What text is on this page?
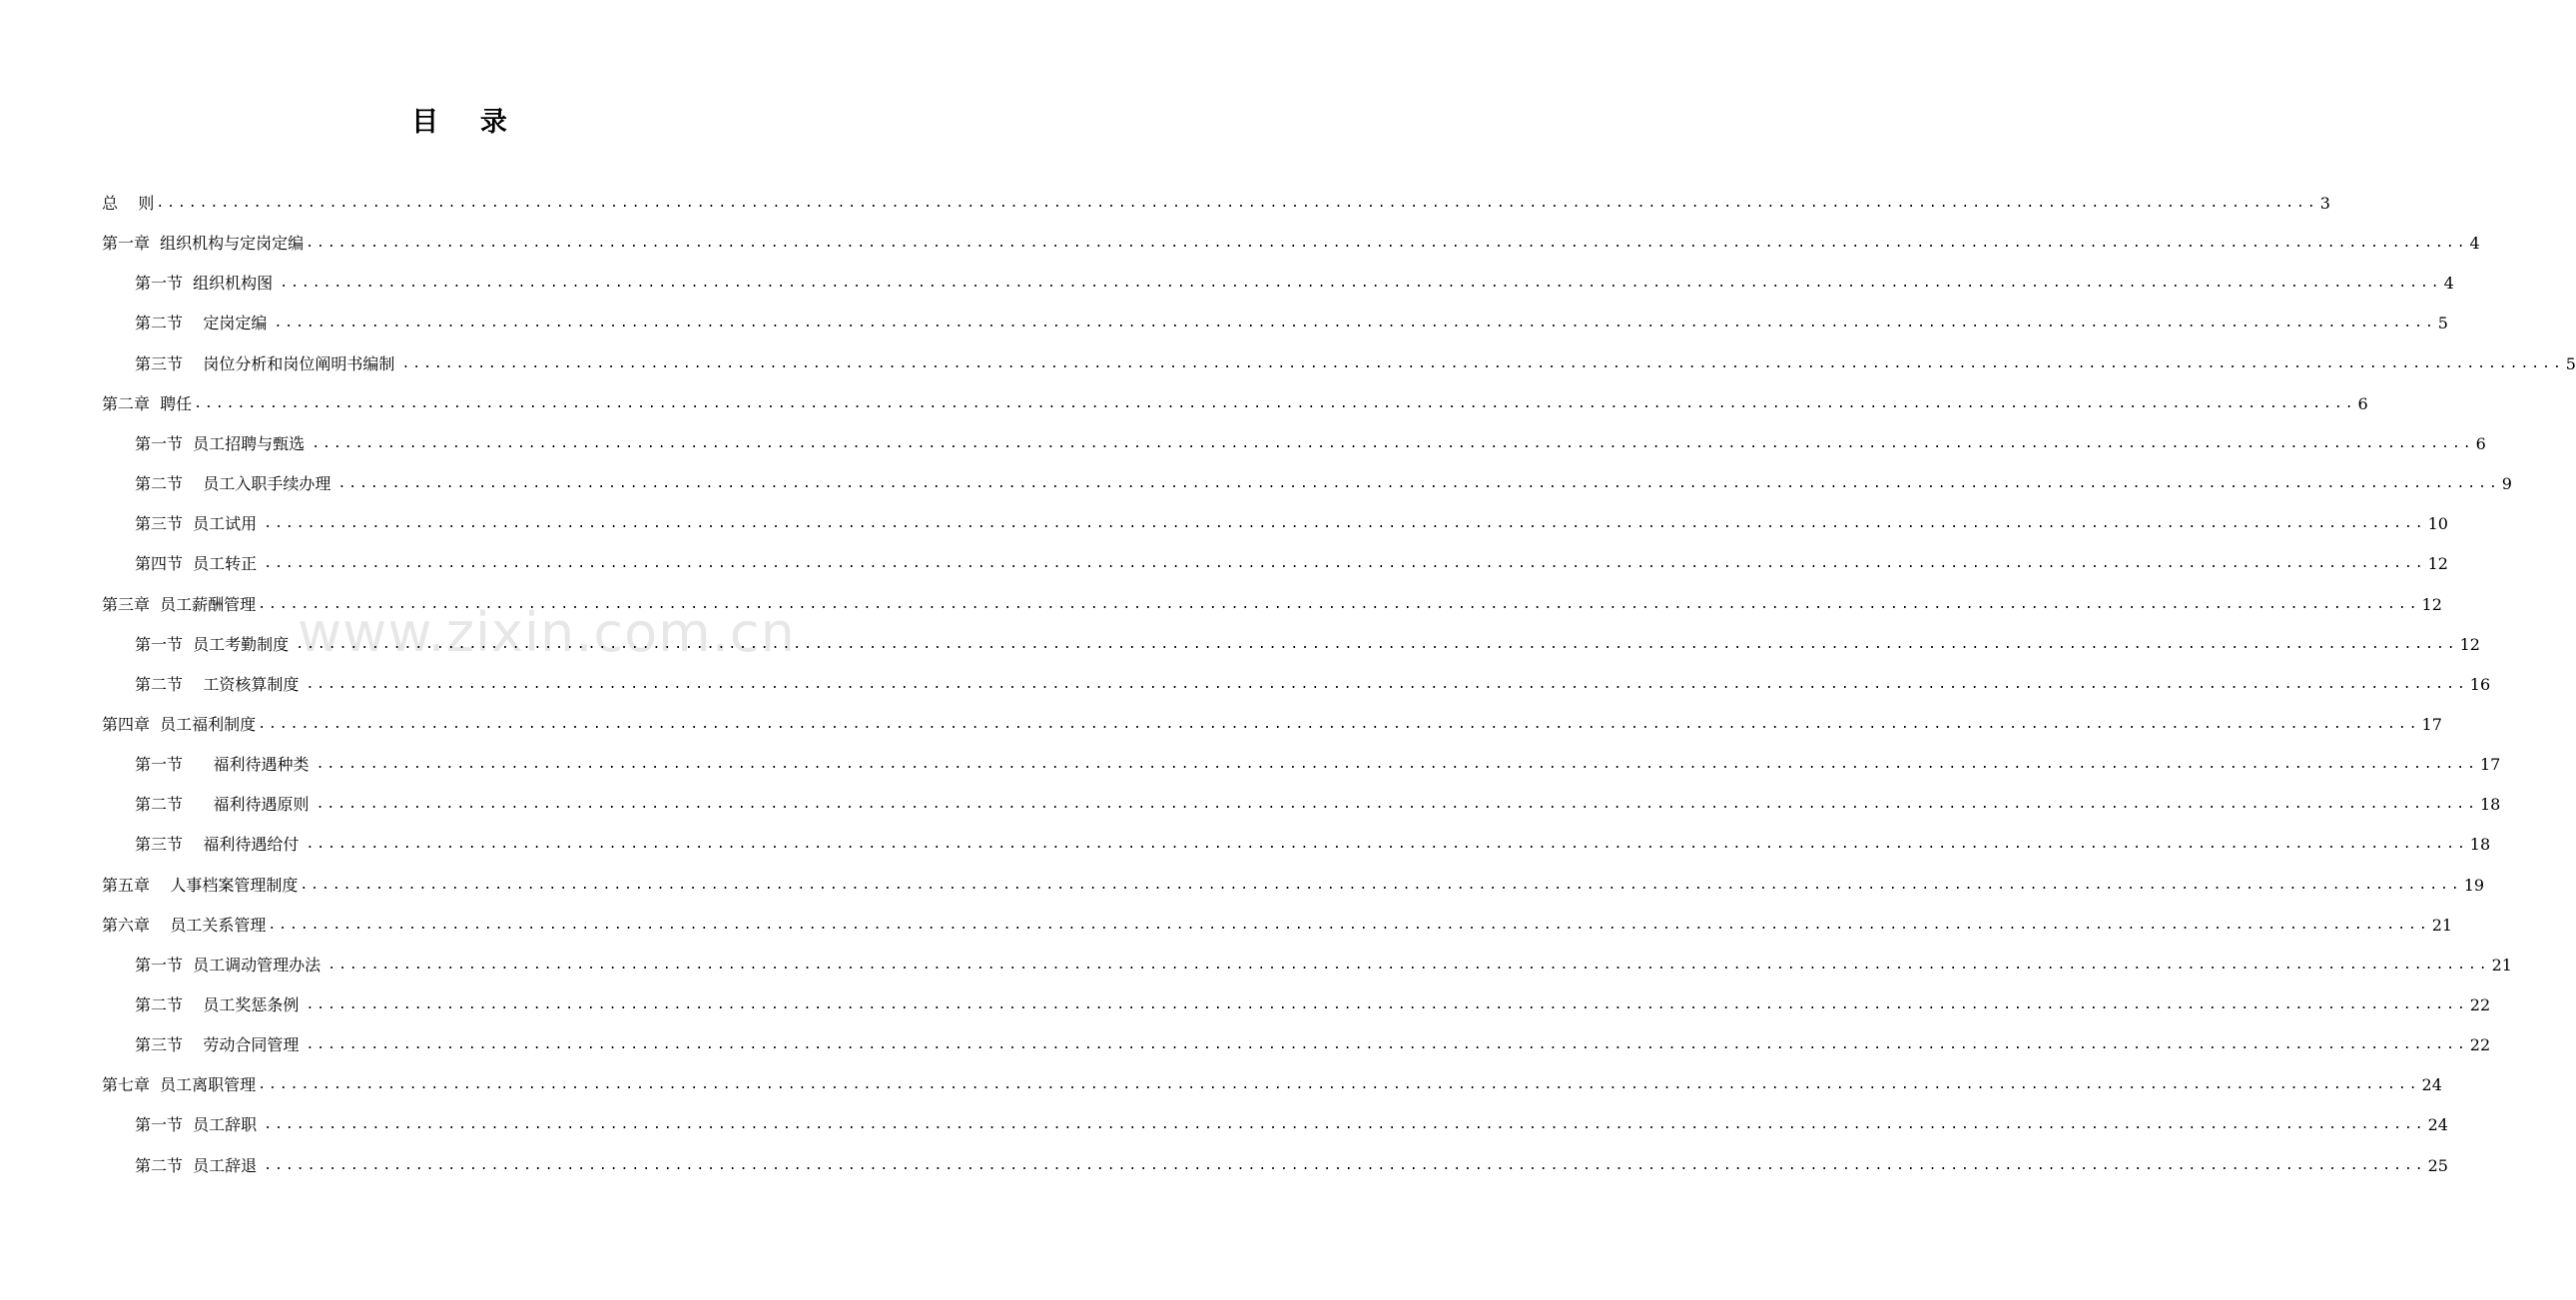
目 录
www.zixin.com.cn
总    则 ........................................................................................................................................................................................................ 3
第一章  组织机构与定岗定编 ........................................................................................................................................................................................................ 4
第一节  组织机构图 ........................................................................................................................................................................................................ 4
第二节    定岗定编 ........................................................................................................................................................................................................ 5
第三节    岗位分析和岗位阐明书编制 ........................................................................................................................................................................................................ 5
第二章  聘任 ........................................................................................................................................................................................................ 6
第一节  员工招聘与甄选 ........................................................................................................................................................................................................ 6
第二节    员工入职手续办理 ........................................................................................................................................................................................................ 9
第三节  员工试用 ........................................................................................................................................................................................................ 10
第四节  员工转正 ........................................................................................................................................................................................................ 12
第三章  员工薪酬管理 ........................................................................................................................................................................................................ 12
第一节  员工考勤制度 ........................................................................................................................................................................................................ 12
第二节    工资核算制度 ........................................................................................................................................................................................................ 16
第四章  员工福利制度 ........................................................................................................................................................................................................ 17
第一节      福利待遇种类 ........................................................................................................................................................................................................ 17
第二节      福利待遇原则 ........................................................................................................................................................................................................ 18
第三节    福利待遇给付 ........................................................................................................................................................................................................ 18
第五章    人事档案管理制度 ........................................................................................................................................................................................................ 19
第六章    员工关系管理 ........................................................................................................................................................................................................ 21
第一节  员工调动管理办法 ........................................................................................................................................................................................................ 21
第二节    员工奖惩条例 ........................................................................................................................................................................................................ 22
第三节    劳动合同管理 ........................................................................................................................................................................................................ 22
第七章  员工离职管理 ........................................................................................................................................................................................................ 24
第一节  员工辞职 ........................................................................................................................................................................................................ 24
第二节  员工辞退 ........................................................................................................................................................................................................ 25
